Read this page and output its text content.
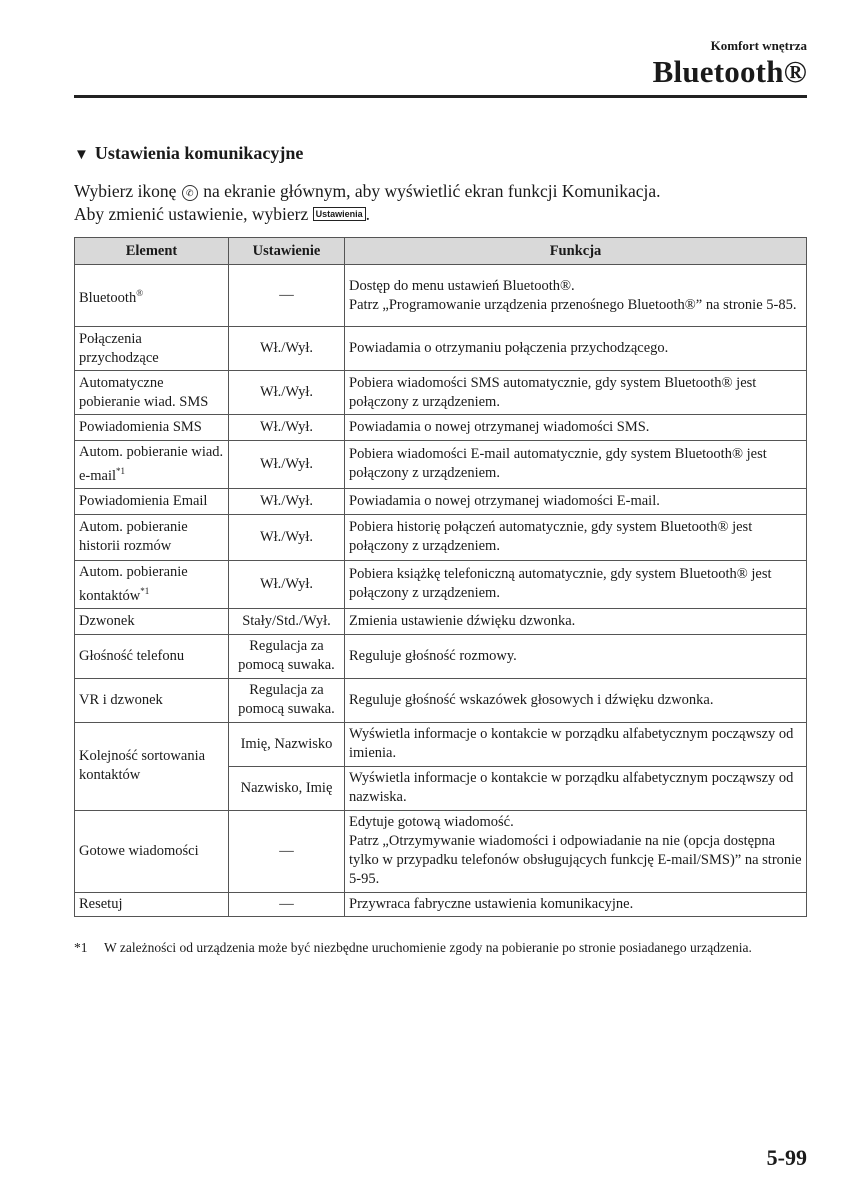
Komfort wnętrza
Bluetooth®
▼ Ustawienia komunikacyjne
Wybierz ikonę ✆ na ekranie głównym, aby wyświetlić ekran funkcji Komunikacja.
Aby zmienić ustawienie, wybierz Ustawienia .
Element	Ustawienie	Funkcja
Bluetooth®	—	Dostęp do menu ustawień Bluetooth®.
Patrz „Programowanie urządzenia przenośnego Bluetooth®” na stronie 5-85.

Połączenia przychodzące	Wł./Wył.	Powiadamia o otrzymaniu połączenia przychodzącego.
Automatyczne pobieranie wiad. SMS	Wł./Wył.	Pobiera wiadomości SMS automatycznie, gdy system Bluetooth® jest połączony z urządzeniem.
Powiadomienia SMS	Wł./Wył.	Powiadamia o nowej otrzymanej wiadomości SMS.
Autom. pobieranie wiad. e-mail$^{*1}$	Wł./Wył.	Pobiera wiadomości E-mail automatycznie, gdy system Bluetooth® jest połączony z urządzeniem.
Powiadomienia Email	Wł./Wył.	Powiadamia o nowej otrzymanej wiadomości E-mail.
Autom. pobieranie historii rozmów	Wł./Wył.	Pobiera historię połączeń automatycznie, gdy system Bluetooth® jest połączony z urządzeniem.
Autom. pobieranie kontaktów$^{*1}$	Wł./Wył.	Pobiera książkę telefoniczną automatycznie, gdy system Bluetooth® jest połączony z urządzeniem.
Dzwonek	Stały/Std./Wył.	Zmienia ustawienie dźwięku dzwonka.
Głośność telefonu	Regulacja za pomocą suwaka.	Reguluje głośność rozmowy.
VR i dzwonek	Regulacja za pomocą suwaka.	Reguluje głośność wskazówek głosowych i dźwięku dzwonka.
Kolejność sortowania kontaktów	Imię, Nazwisko	Wyświetla informacje o kontakcie w porządku alfabetycznym począwszy od imienia.
	Nazwisko, Imię	Wyświetla informacje o kontakcie w porządku alfabetycznym począwszy od nazwiska.
Gotowe wiadomości	—	Edytuje gotową wiadomość.
Patrz „Otrzymywanie wiadomości i odpowiadanie na nie (opcja dostępna tylko w przypadku telefonów obsługujących funkcję E-mail/SMS)” na stronie 5-95.

Resetuj	—	Przywraca fabryczne ustawienia komunikacyjne.
*1 W zależności od urządzenia może być niezbędne uruchomienie zgody na pobieranie po stronie posiadanego urządzenia.
5-99
